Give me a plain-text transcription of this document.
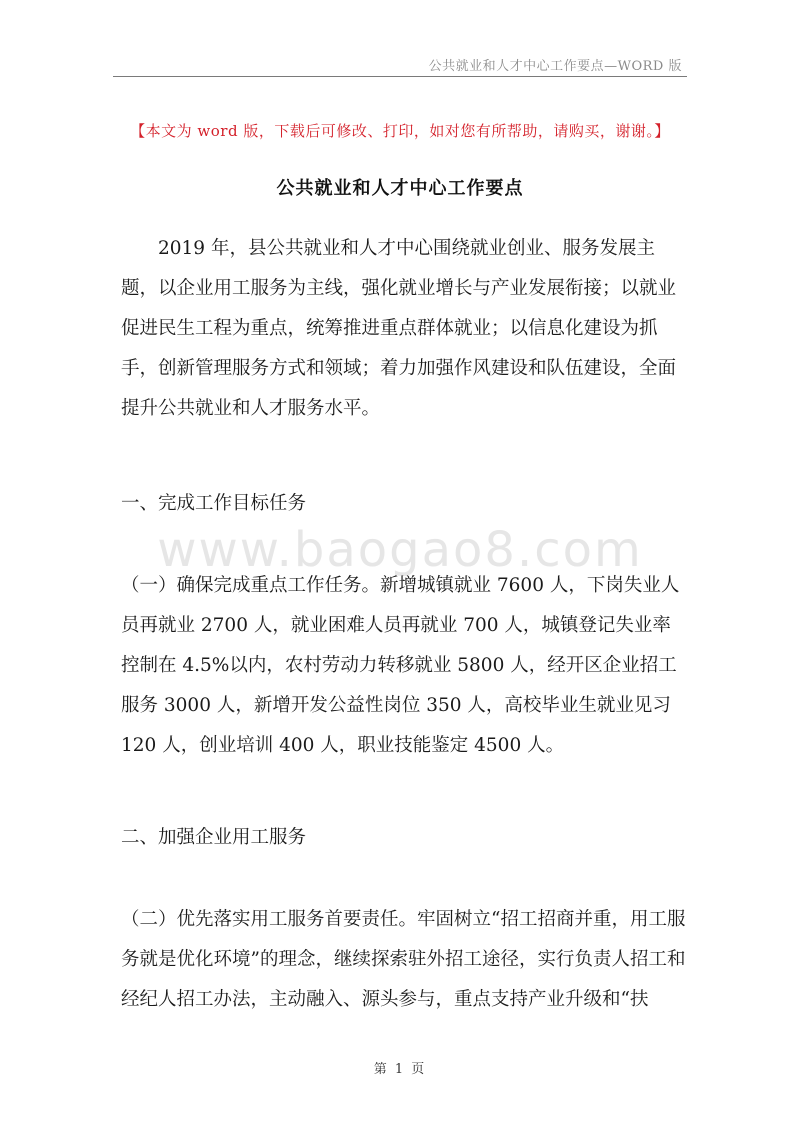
公共就业和人才中心工作要点—WORD 版
【本文为 word 版，下载后可修改、打印，如对您有所帮助，请购买，谢谢。】
公共就业和人才中心工作要点
2019 年，县公共就业和人才中心围绕就业创业、服务发展主题，以企业用工服务为主线，强化就业增长与产业发展衔接；以就业促进民生工程为重点，统筹推进重点群体就业；以信息化建设为抓手，创新管理服务方式和领域；着力加强作风建设和队伍建设，全面提升公共就业和人才服务水平。
一、完成工作目标任务
www.baogao8.com
（一）确保完成重点工作任务。新增城镇就业 7600 人，下岗失业人员再就业 2700 人，就业困难人员再就业 700 人，城镇登记失业率控制在 4.5%以内，农村劳动力转移就业 5800 人，经开区企业招工服务 3000 人，新增开发公益性岗位 350 人，高校毕业生就业见习 120 人，创业培训 400 人，职业技能鉴定 4500 人。
二、加强企业用工服务
（二）优先落实用工服务首要责任。牢固树立“招工招商并重，用工服务就是优化环境”的理念，继续探索驻外招工途径，实行负责人招工和经纪人招工办法，主动融入、源头参与，重点支持产业升级和“扶
第 1 页
